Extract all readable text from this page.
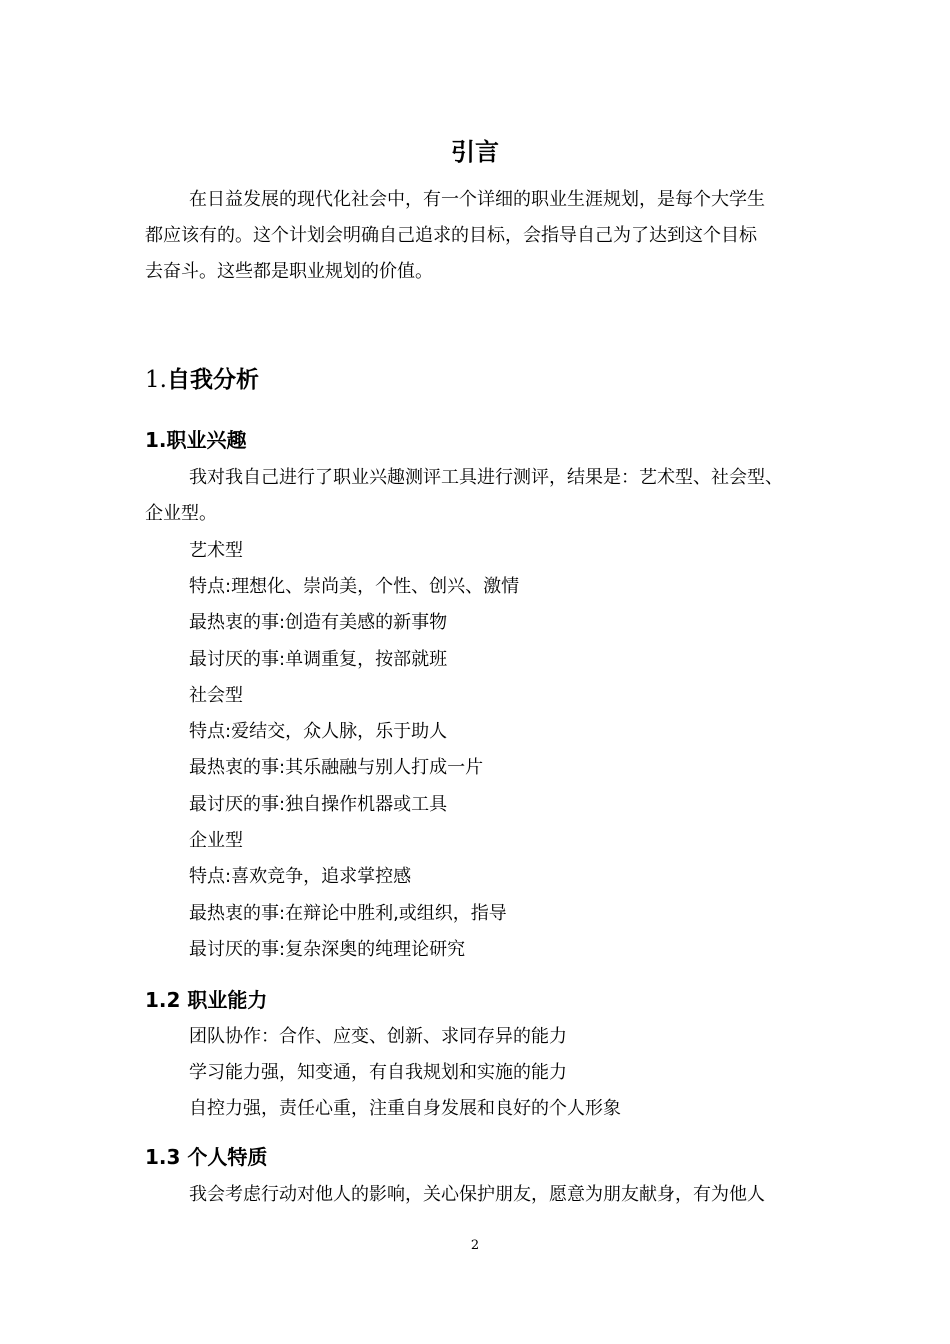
引言
在日益发展的现代化社会中，有一个详细的职业生涯规划，是每个大学生
都应该有的。这个计划会明确自己追求的目标，会指导自己为了达到这个目标
去奋斗。这些都是职业规划的价值。
1.自我分析
1.职业兴趣
我对我自己进行了职业兴趣测评工具进行测评，结果是：艺术型、社会型、
企业型。
艺术型
特点:理想化、崇尚美，个性、创兴、激情
最热衷的事:创造有美感的新事物
最讨厌的事:单调重复，按部就班
社会型
特点:爱结交，众人脉，乐于助人
最热衷的事:其乐融融与别人打成一片
最讨厌的事:独自操作机器或工具
企业型
特点:喜欢竞争，追求掌控感
最热衷的事:在辩论中胜利,或组织，指导
最讨厌的事:复杂深奥的纯理论研究
1.2 职业能力
团队协作：合作、应变、创新、求同存异的能力
学习能力强，知变通，有自我规划和实施的能力
自控力强，责任心重，注重自身发展和良好的个人形象
1.3 个人特质
我会考虑行动对他人的影响，关心保护朋友，愿意为朋友献身，有为他人
2
